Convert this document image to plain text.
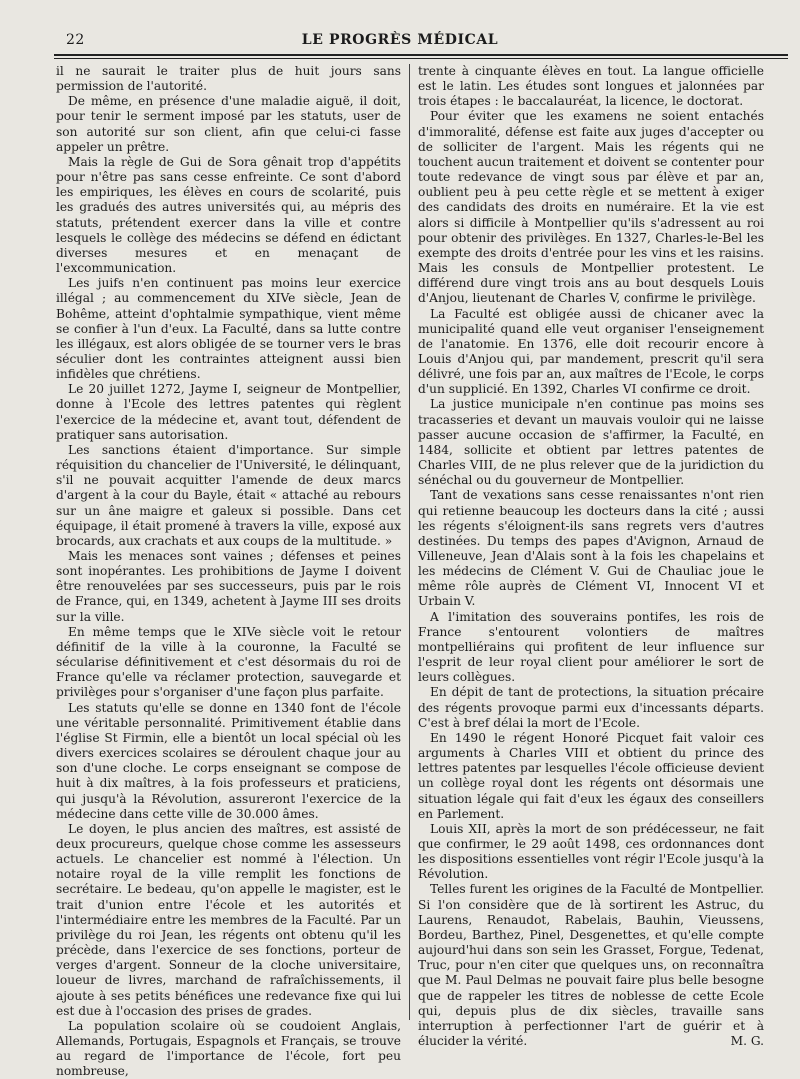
22	LE PROGRÈS MÉDICAL

il ne saurait le traiter plus de huit jours sans permission de l'autorité.

De même, en présence d'une maladie aiguë, il doit, pour tenir le serment imposé par les statuts, user de son autorité sur son client, afin que celui-ci fasse appeler un prêtre.

Mais la règle de Gui de Sora gênait trop d'appétits pour n'être pas sans cesse enfreinte. Ce sont d'abord les empiriques, les élèves en cours de scolarité, puis les gradués des autres universités qui, au mépris des statuts, prétendent exercer dans la ville et contre lesquels le collège des médecins se défend en édictant diverses mesures et en menaçant de l'excommunication.

Les juifs n'en continuent pas moins leur exercice illégal ; au commencement du XIVe siècle, Jean de Bohême, atteint d'ophtalmie sympathique, vient même se confier à l'un d'eux. La Faculté, dans sa lutte contre les illégaux, est alors obligée de se tourner vers le bras séculier dont les contraintes atteignent aussi bien infidèles que chrétiens.

Le 20 juillet 1272, Jayme I, seigneur de Montpellier, donne à l'Ecole des lettres patentes qui règlent l'exercice de la médecine et, avant tout, défendent de pratiquer sans autorisation.

Les sanctions étaient d'importance. Sur simple réquisition du chancelier de l'Université, le délinquant, s'il ne pouvait acquitter l'amende de deux marcs d'argent à la cour du Bayle, était « attaché au rebours sur un âne maigre et galeux si possible. Dans cet équipage, il était promené à travers la ville, exposé aux brocards, aux crachats et aux coups de la multitude. »

Mais les menaces sont vaines ; défenses et peines sont inopérantes. Les prohibitions de Jayme I doivent être renouvelées par ses successeurs, puis par le rois de France, qui, en 1349, achetent à Jayme III ses droits sur la ville.

En même temps que le XIVe siècle voit le retour définitif de la ville à la couronne, la Faculté se sécularise définitivement et c'est désormais du roi de France qu'elle va réclamer protection, sauvegarde et privilèges pour s'organiser d'une façon plus parfaite.

Les statuts qu'elle se donne en 1340 font de l'école une véritable personnalité. Primitivement établie dans l'église St Firmin, elle a bientôt un local spécial où les divers exercices scolaires se déroulent chaque jour au son d'une cloche. Le corps enseignant se compose de huit à dix maîtres, à la fois professeurs et praticiens, qui jusqu'à la Révolution, assureront l'exercice de la médecine dans cette ville de 30.000 âmes.

Le doyen, le plus ancien des maîtres, est assisté de deux procureurs, quelque chose comme les assesseurs actuels. Le chancelier est nommé à l'élection. Un notaire royal de la ville remplit les fonctions de secrétaire. Le bedeau, qu'on appelle le magister, est le trait d'union entre l'école et les autorités et l'intermédiaire entre les membres de la Faculté. Par un privilège du roi Jean, les régents ont obtenu qu'il les précède, dans l'exercice de ses fonctions, porteur de verges d'argent. Sonneur de la cloche universitaire, loueur de livres, marchand de rafraîchissements, il ajoute à ses petits bénéfices une redevance fixe qui lui est due à l'occasion des prises de grades.

La population scolaire où se coudoient Anglais, Allemands, Portugais, Espagnols et Français, se trouve au regard de l'importance de l'école, fort peu nombreuse,

trente à cinquante élèves en tout. La langue officielle est le latin. Les études sont longues et jalonnées par trois étapes : le baccalauréat, la licence, le doctorat.

Pour éviter que les examens ne soient entachés d'immoralité, défense est faite aux juges d'accepter ou de solliciter de l'argent. Mais les régents qui ne touchent aucun traitement et doivent se contenter pour toute redevance de vingt sous par élève et par an, oublient peu à peu cette règle et se mettent à exiger des candidats des droits en numéraire. Et la vie est alors si difficile à Montpellier qu'ils s'adressent au roi pour obtenir des privilèges. En 1327, Charles-le-Bel les exempte des droits d'entrée pour les vins et les raisins. Mais les consuls de Montpellier protestent. Le différend dure vingt trois ans au bout desquels Louis d'Anjou, lieutenant de Charles V, confirme le privilège.

La Faculté est obligée aussi de chicaner avec la municipalité quand elle veut organiser l'enseignement de l'anatomie. En 1376, elle doit recourir encore à Louis d'Anjou qui, par mandement, prescrit qu'il sera délivré, une fois par an, aux maîtres de l'Ecole, le corps d'un supplicié. En 1392, Charles VI confirme ce droit.

La justice municipale n'en continue pas moins ses tracasseries et devant un mauvais vouloir qui ne laisse passer aucune occasion de s'affirmer, la Faculté, en 1484, sollicite et obtient par lettres patentes de Charles VIII, de ne plus relever que de la juridiction du sénéchal ou du gouverneur de Montpellier.

Tant de vexations sans cesse renaissantes n'ont rien qui retienne beaucoup les docteurs dans la cité ; aussi les régents s'éloignent-ils sans regrets vers d'autres destinées. Du temps des papes d'Avignon, Arnaud de Villeneuve, Jean d'Alais sont à la fois les chapelains et les médecins de Clément V. Gui de Chauliac joue le même rôle auprès de Clément VI, Innocent VI et Urbain V.

A l'imitation des souverains pontifes, les rois de France s'entourent volontiers de maîtres montpelliérains qui profitent de leur influence sur l'esprit de leur royal client pour améliorer le sort de leurs collègues.

En dépit de tant de protections, la situation précaire des régents provoque parmi eux d'incessants départs. C'est à bref délai la mort de l'Ecole.

En 1490 le régent Honoré Picquet fait valoir ces arguments à Charles VIII et obtient du prince des lettres patentes par lesquelles l'école officieuse devient un collège royal dont les régents ont désormais une situation légale qui fait d'eux les égaux des conseillers en Parlement.

Louis XII, après la mort de son prédécesseur, ne fait que confirmer, le 29 août 1498, ces ordonnances dont les dispositions essentielles vont régir l'Ecole jusqu'à la Révolution.

Telles furent les origines de la Faculté de Montpellier. Si l'on considère que de là sortirent les Astruc, du Laurens, Renaudot, Rabelais, Bauhin, Vieussens, Bordeu, Barthez, Pinel, Desgenettes, et qu'elle compte aujourd'hui dans son sein les Grasset, Forgue, Tedenat, Truc, pour n'en citer que quelques uns, on reconnaîtra que M. Paul Delmas ne pouvait faire plus belle besogne que de rappeler les titres de noblesse de cette Ecole qui, depuis plus de dix siècles, travaille sans interruption à perfectionner l'art de guérir et à élucider la vérité.	M. G.
